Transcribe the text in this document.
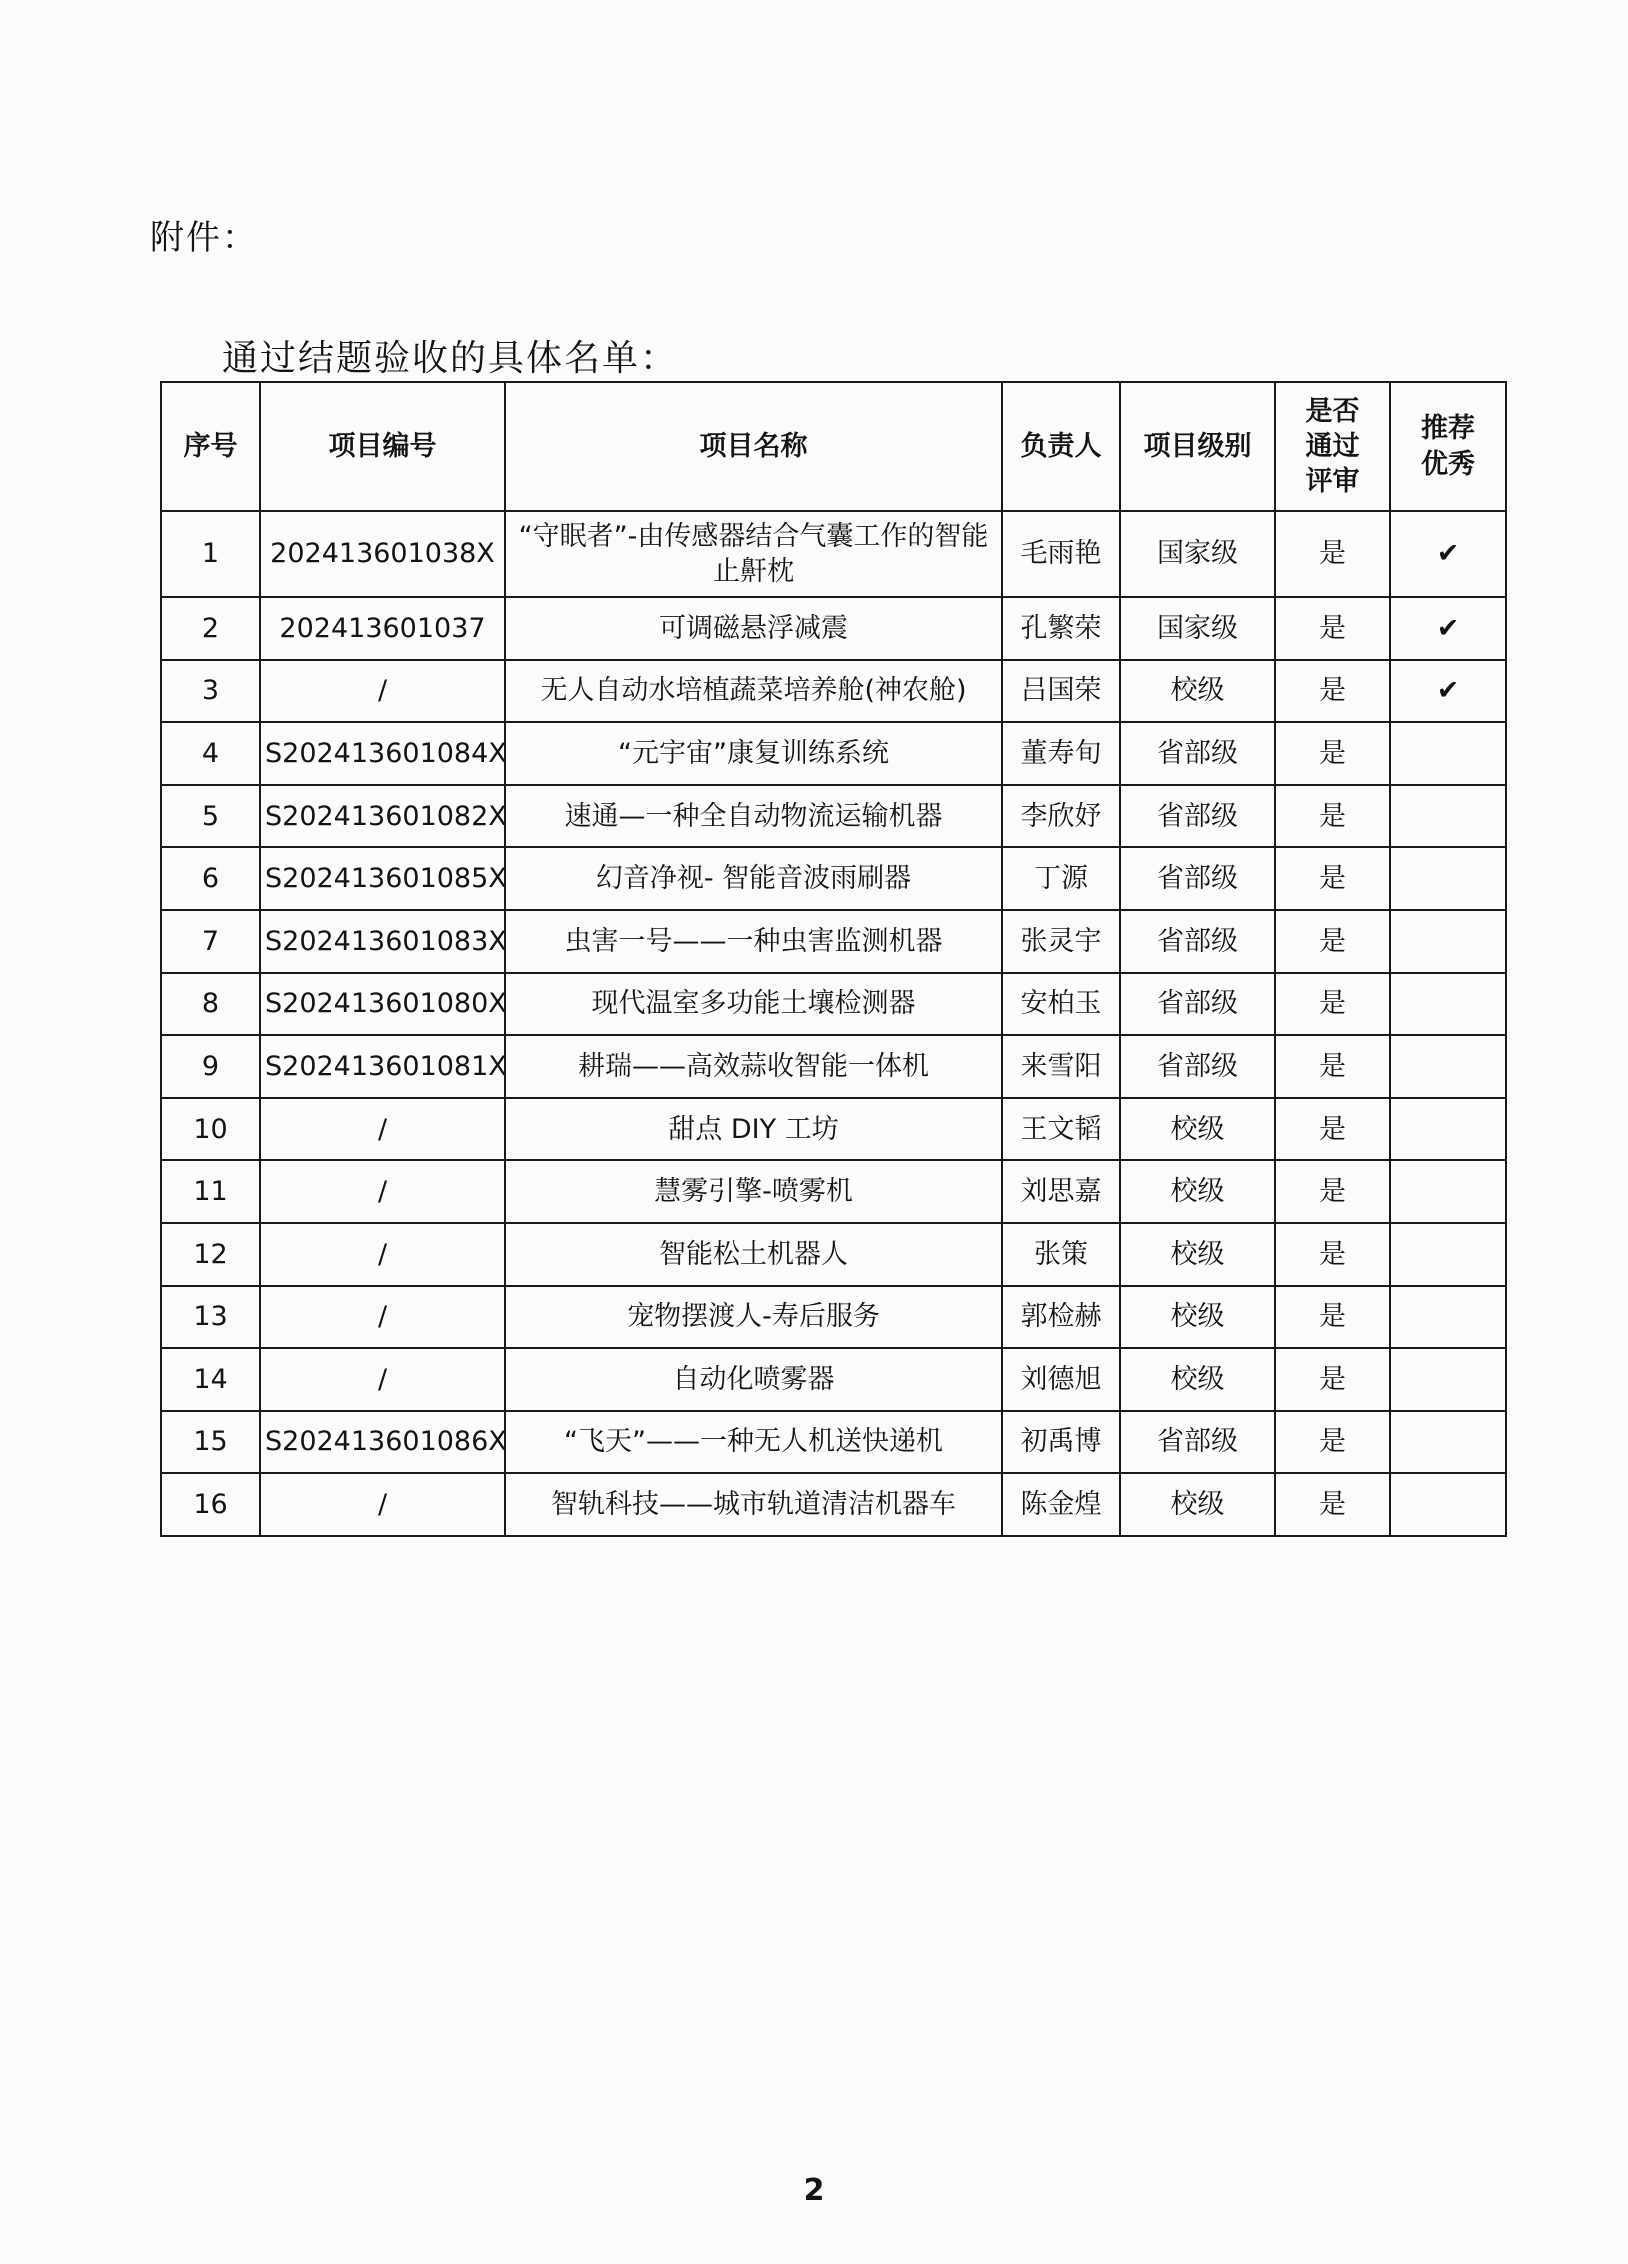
附件：
通过结题验收的具体名单：
序号	项目编号	项目名称	负责人	项目级别	是否通过评审	推荐优秀
1	202413601038X	“守眠者”-由传感器结合气囊工作的智能止鼾枕	毛雨艳	国家级	是	✔
2	202413601037	可调磁悬浮减震	孔繁荣	国家级	是	✔
3	/	无人自动水培植蔬菜培养舱(神农舱)	吕国荣	校级	是	✔
4	S202413601084X	“元宇宙”康复训练系统	董寿旬	省部级	是	
5	S202413601082X	速通—一种全自动物流运输机器	李欣妤	省部级	是	
6	S202413601085X	幻音净视- 智能音波雨刷器	丁源	省部级	是	
7	S202413601083X	虫害一号——一种虫害监测机器	张灵宇	省部级	是	
8	S202413601080X	现代温室多功能土壤检测器	安柏玉	省部级	是	
9	S202413601081X	耕瑞——高效蒜收智能一体机	来雪阳	省部级	是	
10	/	甜点 DIY 工坊	王文韬	校级	是	
11	/	慧雾引擎-喷雾机	刘思嘉	校级	是	
12	/	智能松土机器人	张策	校级	是	
13	/	宠物摆渡人-寿后服务	郭检赫	校级	是	
14	/	自动化喷雾器	刘德旭	校级	是	
15	S202413601086X	“飞天”——一种无人机送快递机	初禹博	省部级	是	
16	/	智轨科技——城市轨道清洁机器车	陈金煌	校级	是	
2
